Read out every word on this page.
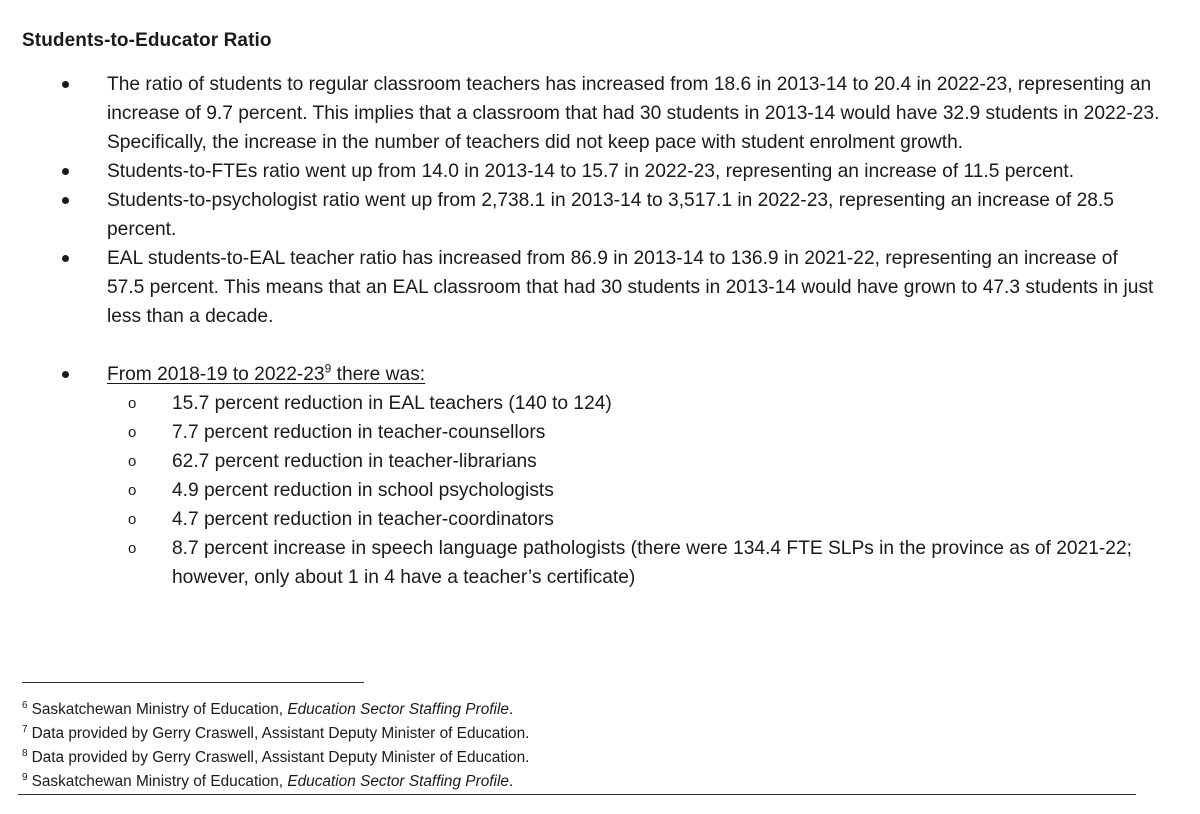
Students-to-Educator Ratio
The ratio of students to regular classroom teachers has increased from 18.6 in 2013-14 to 20.4 in 2022-23, representing an increase of 9.7 percent. This implies that a classroom that had 30 students in 2013-14 would have 32.9 students in 2022-23. Specifically, the increase in the number of teachers did not keep pace with student enrolment growth.
Students-to-FTEs ratio went up from 14.0 in 2013-14 to 15.7 in 2022-23, representing an increase of 11.5 percent.
Students-to-psychologist ratio went up from 2,738.1 in 2013-14 to 3,517.1 in 2022-23, representing an increase of 28.5 percent.
EAL students-to-EAL teacher ratio has increased from 86.9 in 2013-14 to 136.9 in 2021-22, representing an increase of 57.5 percent. This means that an EAL classroom that had 30 students in 2013-14 would have grown to 47.3 students in just less than a decade.
From 2018-19 to $2022-23^9$ there was:
o 15.7 percent reduction in EAL teachers (140 to 124)
o 7.7 percent reduction in teacher-counsellors
o 62.7 percent reduction in teacher-librarians
o 4.9 percent reduction in school psychologists
o 4.7 percent reduction in teacher-coordinators
o 8.7 percent increase in speech language pathologists (there were 134.4 FTE SLPs in the province as of 2021-22; however, only about 1 in 4 have a teacher’s certificate)
$^6$ Saskatchewan Ministry of Education, Education Sector Staffing Profile.
$^7$ Data provided by Gerry Craswell, Assistant Deputy Minister of Education.
$^8$ Data provided by Gerry Craswell, Assistant Deputy Minister of Education.
$^9$ Saskatchewan Ministry of Education, Education Sector Staffing Profile.
